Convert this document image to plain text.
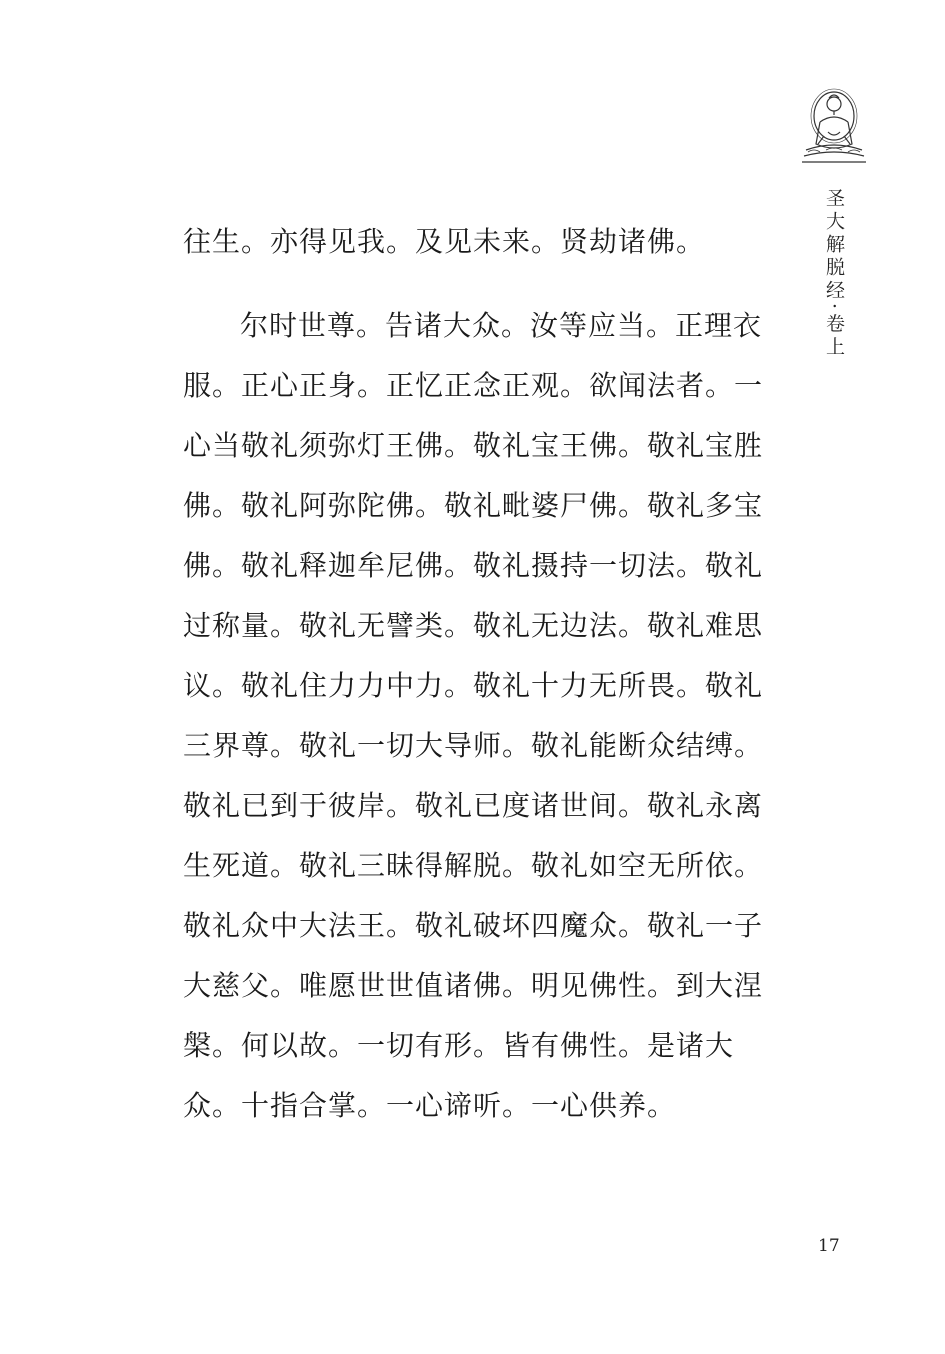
圣大解脱经·卷上
往生。亦得见我。及见未来。贤劫诸佛。
尔时世尊。告诸大众。汝等应当。正理衣
服。正心正身。正忆正念正观。欲闻法者。一
心当敬礼须弥灯王佛。敬礼宝王佛。敬礼宝胜
佛。敬礼阿弥陀佛。敬礼毗婆尸佛。敬礼多宝
佛。敬礼释迦牟尼佛。敬礼摄持一切法。敬礼
过称量。敬礼无譬类。敬礼无边法。敬礼难思
议。敬礼住力力中力。敬礼十力无所畏。敬礼
三界尊。敬礼一切大导师。敬礼能断众结缚。
敬礼已到于彼岸。敬礼已度诸世间。敬礼永离
生死道。敬礼三昧得解脱。敬礼如空无所依。
敬礼众中大法王。敬礼破坏四魔众。敬礼一子
大慈父。唯愿世世值诸佛。明见佛性。到大涅
槃。何以故。一切有形。皆有佛性。是诸大
众。十指合掌。一心谛听。一心供养。
17
